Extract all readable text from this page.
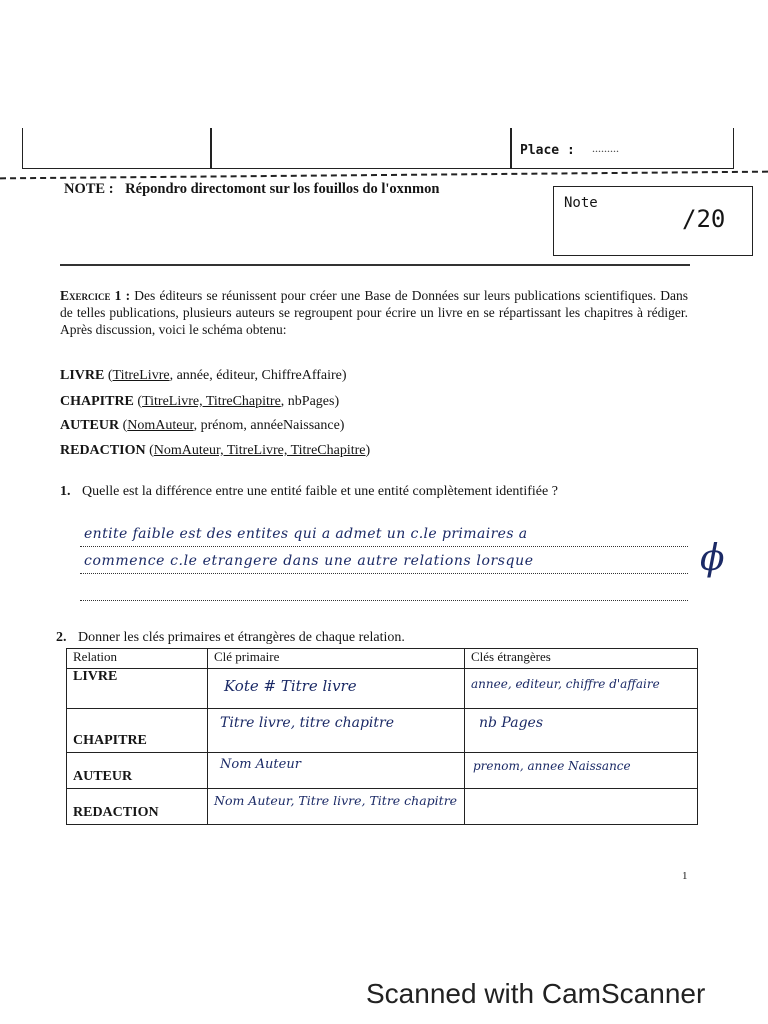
Place : .........
NOTE : Répondro directomont sur los fouillos do l'oxnmon
Note
/20
Exercice 1 : Des éditeurs se réunissent pour créer une Base de Données sur leurs publications scientifiques. Dans de telles publications, plusieurs auteurs se regroupent pour écrire un livre en se répartissant les chapitres à rédiger. Après discussion, voici le schéma obtenu:
LIVRE (TitreLivre, année, éditeur, ChiffreAffaire)
CHAPITRE (TitreLivre, TitreChapitre, nbPages)
AUTEUR (NomAuteur, prénom, annéeNaissance)
REDACTION (NomAuteur, TitreLivre, TitreChapitre)
1. Quelle est la différence entre une entité faible et une entité complètement identifiée ?
entite faible est des entites qui a admet un c.le primaires a
commence c.le etrangere dans une autre relations lorsque	ϕ
2. Donner les clés primaires et étrangères de chaque relation.
Relation	Clé primaire	Clés étrangères
LIVRE	Kote # Titre livre	annee, editeur, chiffre d'affaire
CHAPITRE	Titre livre, titre chapitre	nb Pages
AUTEUR	Nom Auteur	prenom, annee Naissance
REDACTION	Nom Auteur, Titre livre, Titre chapitre	
1
Scanned with CamScanner
